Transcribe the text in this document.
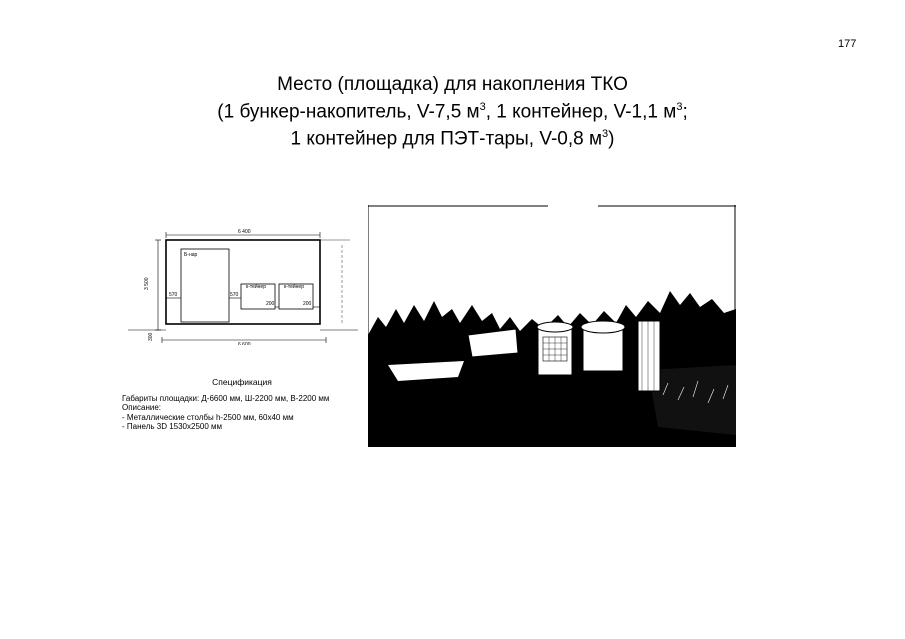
177
Место (площадка) для накопления ТКО
(1 бункер-накопитель, V-7,5 $м^3$, 1 контейнер, V-1,1 $м^3$;
1 контейнер для ПЭТ-тары, V-0,8 $м^3$)
6 400
6 600
3 500
300
Б-нар
к-тейнер	к-тейнер
570	570
200	200
Спецификация
Габариты площадки: Д-6600 мм, Ш-2200 мм, В-2200 мм
Описание:
- Металлические столбы h-2500 мм, 60х40 мм
- Панель 3D 1530х2500 мм
